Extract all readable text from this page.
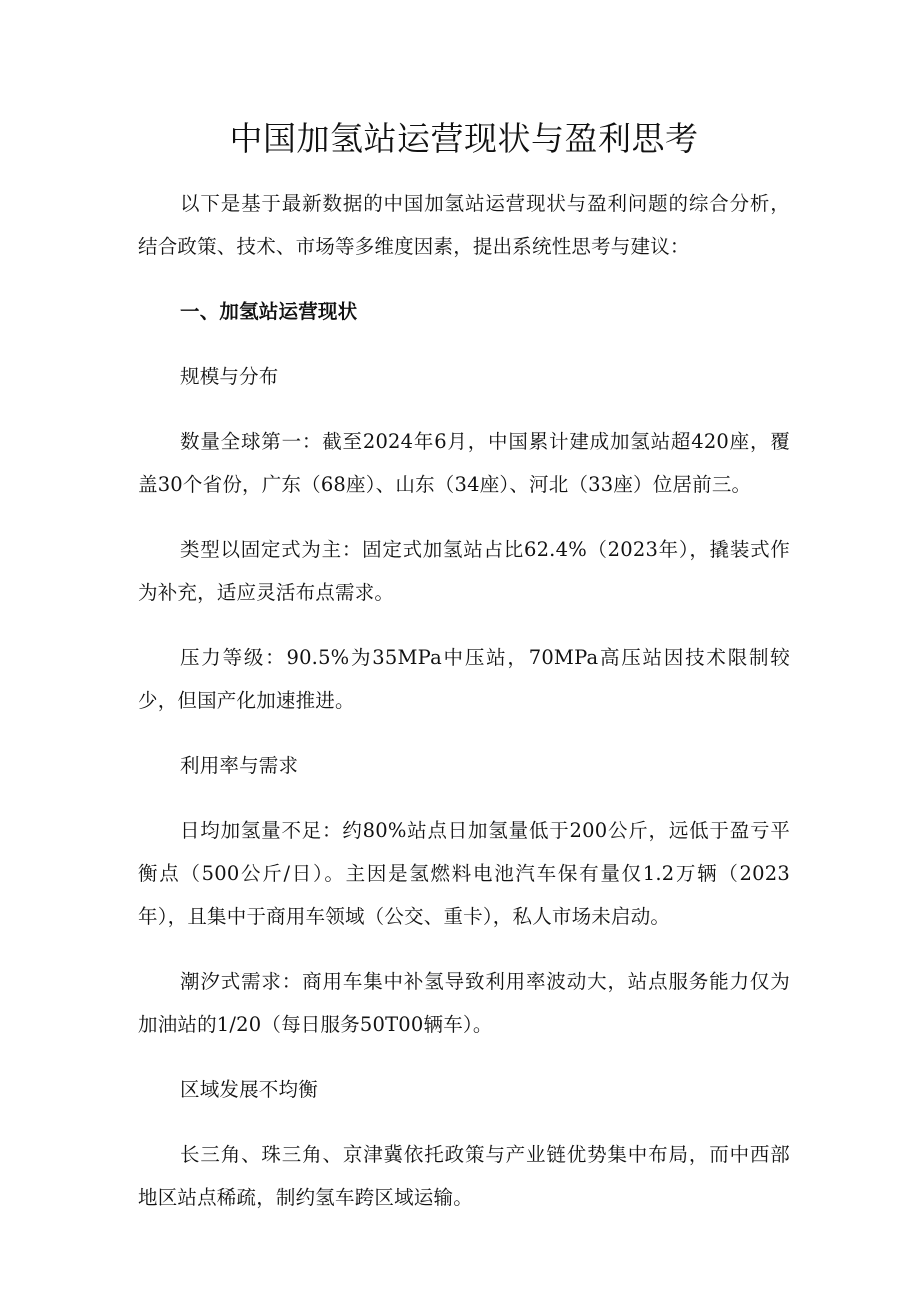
中国加氢站运营现状与盈利思考

以下是基于最新数据的中国加氢站运营现状与盈利问题的综合分析，结合政策、技术、市场等多维度因素，提出系统性思考与建议：

一、加氢站运营现状

规模与分布

数量全球第一：截至2024年6月，中国累计建成加氢站超420座，覆盖30个省份，广东（68座）、山东（34座）、河北（33座）位居前三。

类型以固定式为主：固定式加氢站占比62.4%（2023年），撬装式作为补充，适应灵活布点需求。

压力等级：90.5%为35MPa中压站，70MPa高压站因技术限制较少，但国产化加速推进。

利用率与需求

日均加氢量不足：约80%站点日加氢量低于200公斤，远低于盈亏平衡点（500公斤/日）。主因是氢燃料电池汽车保有量仅1.2万辆（2023年），且集中于商用车领域（公交、重卡），私人市场未启动。

潮汐式需求：商用车集中补氢导致利用率波动大，站点服务能力仅为加油站的1/20（每日服务50T00辆车）。

区域发展不均衡

长三角、珠三角、京津冀依托政策与产业链优势集中布局，而中西部地区站点稀疏，制约氢车跨区域运输。
